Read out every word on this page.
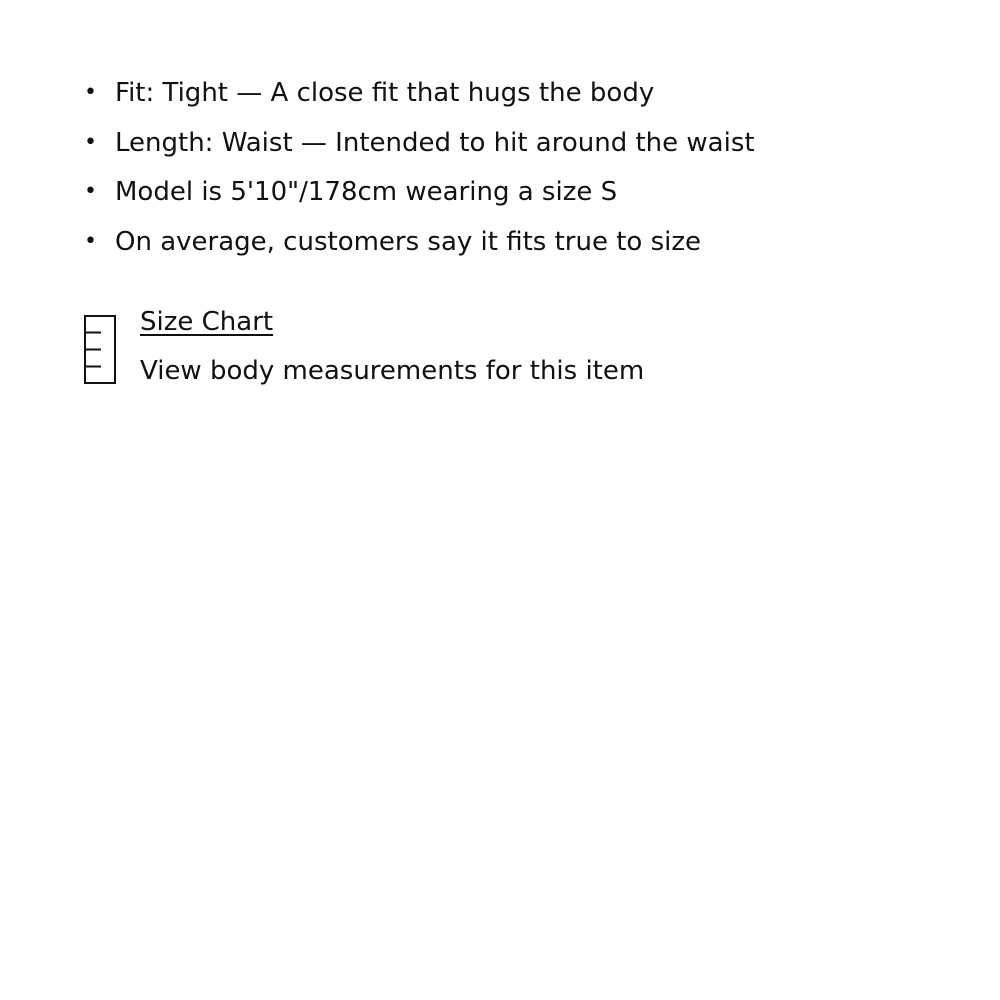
• Fit: Tight — A close fit that hugs the body
• Length: Waist — Intended to hit around the waist
• Model is 5'10"/178cm wearing a size S
• On average, customers say it fits true to size
Size Chart
View body measurements for this item
